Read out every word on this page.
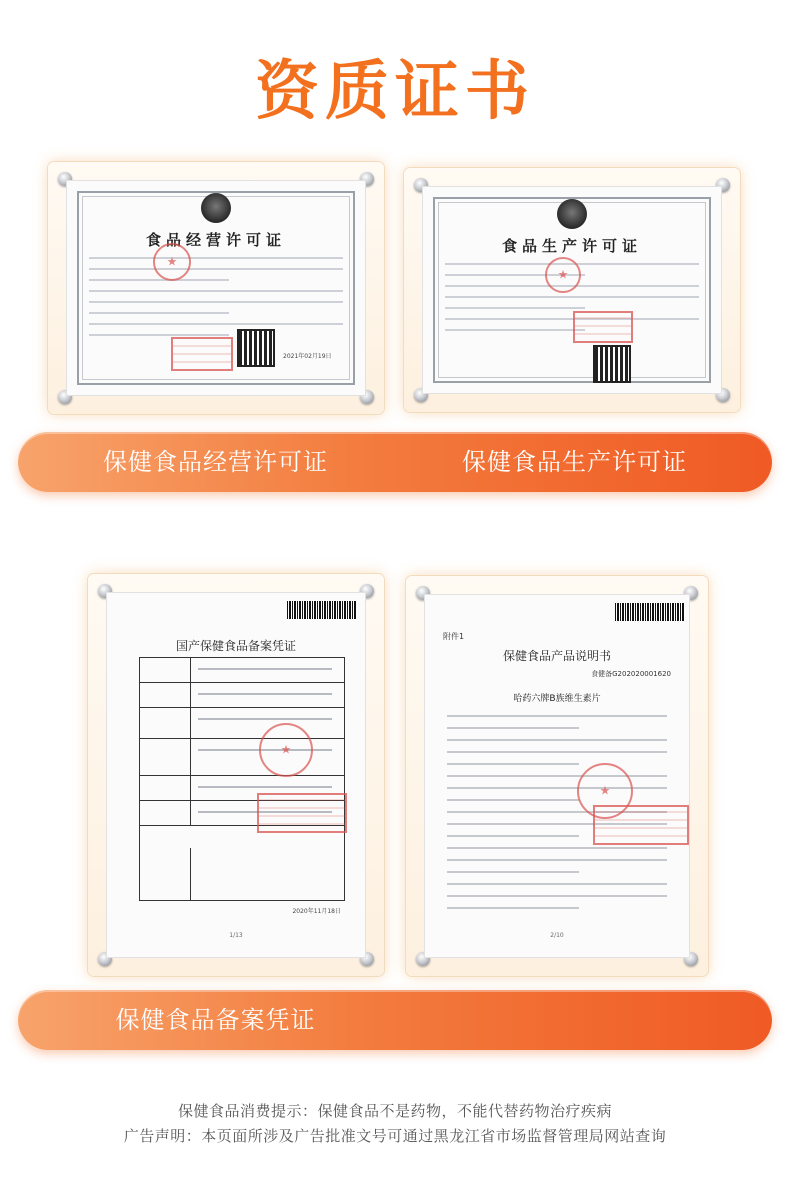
资质证书
食品经营许可证
★
2021年02月19日
食品生产许可证
★
保健食品经营许可证	保健食品生产许可证
国产保健食品备案凭证
★
2020年11月18日
1/13
附件1
保健食品产品说明书
食健备G202020001620
哈药六牌B族维生素片
★
2/10
保健食品备案凭证
保健食品消费提示：保健食品不是药物，不能代替药物治疗疾病
广告声明：本页面所涉及广告批准文号可通过黑龙江省市场监督管理局网站查询
